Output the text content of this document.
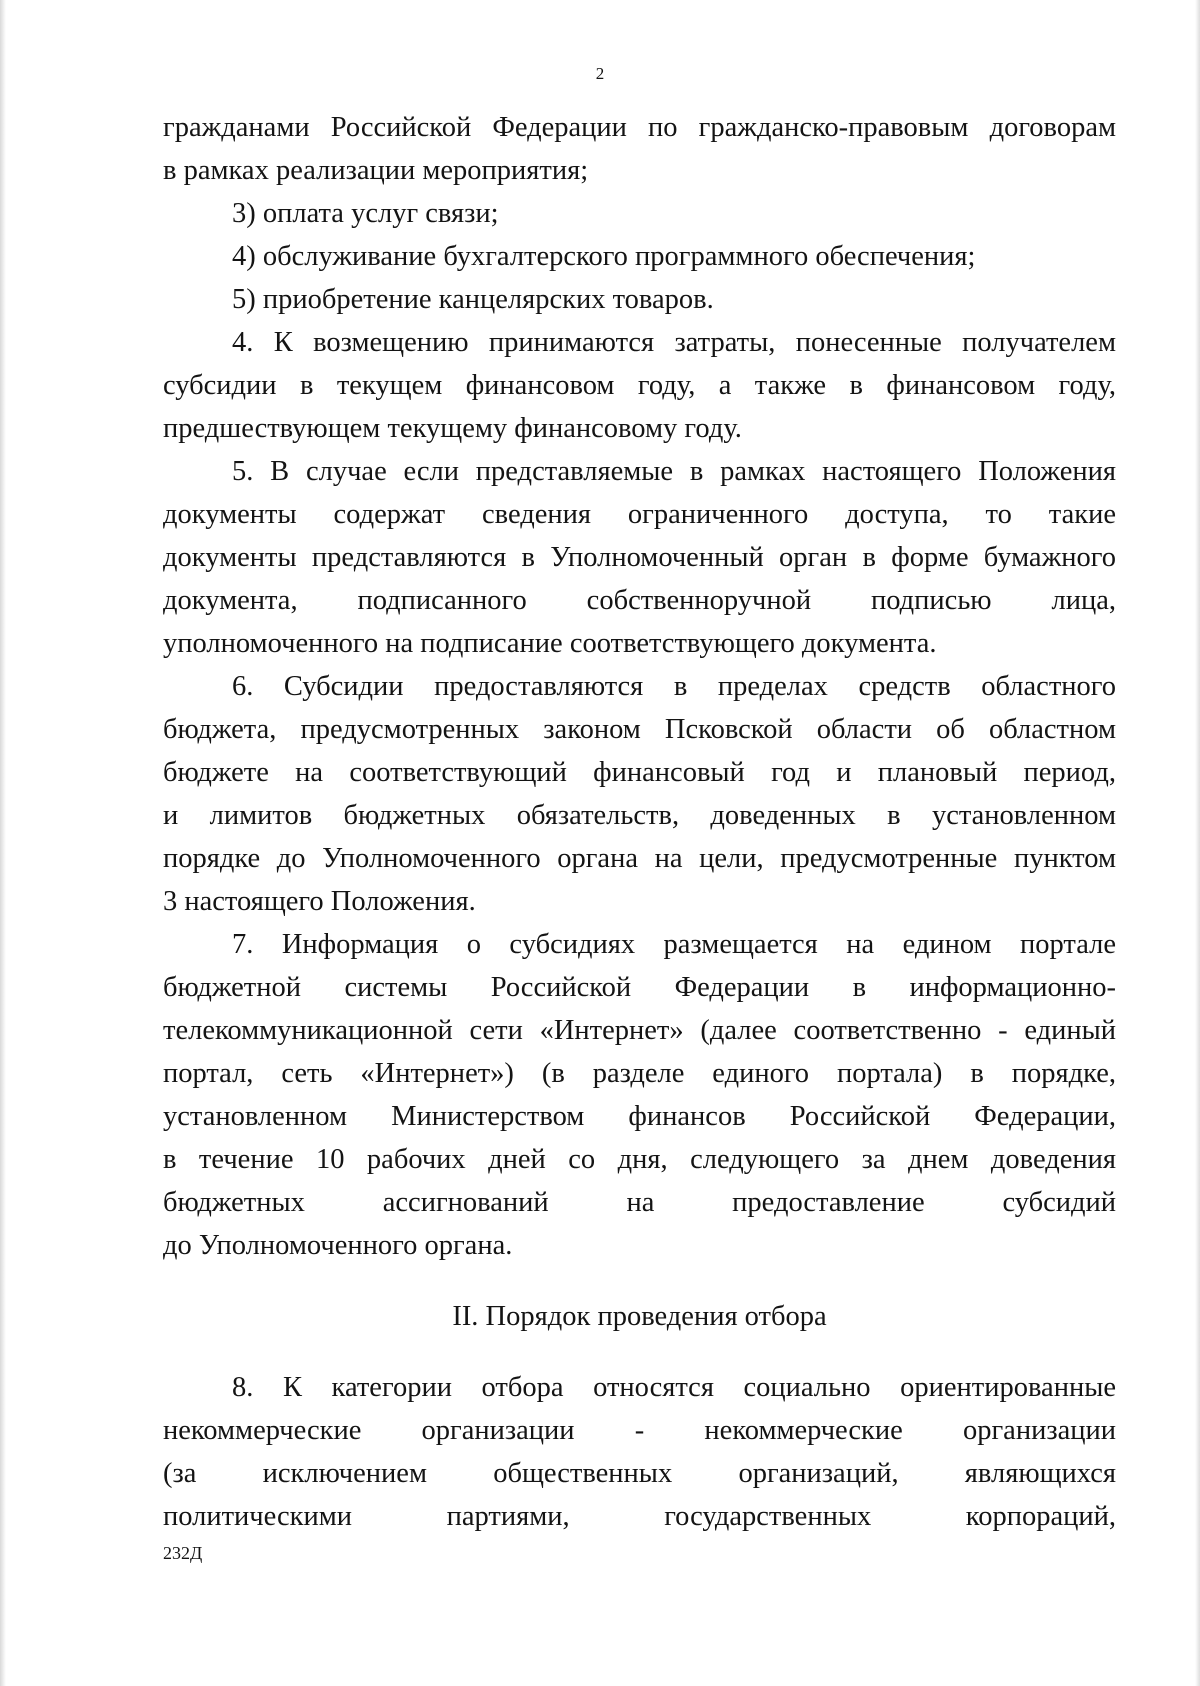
2
гражданами Российской Федерации по гражданско-правовым договорам
в рамках реализации мероприятия;
3) оплата услуг связи;
4) обслуживание бухгалтерского программного обеспечения;
5) приобретение канцелярских товаров.
4. К возмещению принимаются затраты, понесенные получателем
субсидии в текущем финансовом году, а также в финансовом году,
предшествующем текущему финансовому году.
5. В случае если представляемые в рамках настоящего Положения
документы содержат сведения ограниченного доступа, то такие
документы представляются в Уполномоченный орган в форме бумажного
документа, подписанного собственноручной подписью лица,
уполномоченного на подписание соответствующего документа.
6. Субсидии предоставляются в пределах средств областного
бюджета, предусмотренных законом Псковской области об областном
бюджете на соответствующий финансовый год и плановый период,
и лимитов бюджетных обязательств, доведенных в установленном
порядке до Уполномоченного органа на цели, предусмотренные пунктом
3 настоящего Положения.
7. Информация о субсидиях размещается на едином портале
бюджетной системы Российской Федерации в информационно-
телекоммуникационной сети «Интернет» (далее соответственно - единый
портал, сеть «Интернет») (в разделе единого портала) в порядке,
установленном Министерством финансов Российской Федерации,
в течение 10 рабочих дней со дня, следующего за днем доведения
бюджетных ассигнований на предоставление субсидий
до Уполномоченного органа.
II. Порядок проведения отбора
8. К категории отбора относятся социально ориентированные
некоммерческие организации - некоммерческие организации
(за исключением общественных организаций, являющихся
политическими партиями, государственных корпораций,
232Д
